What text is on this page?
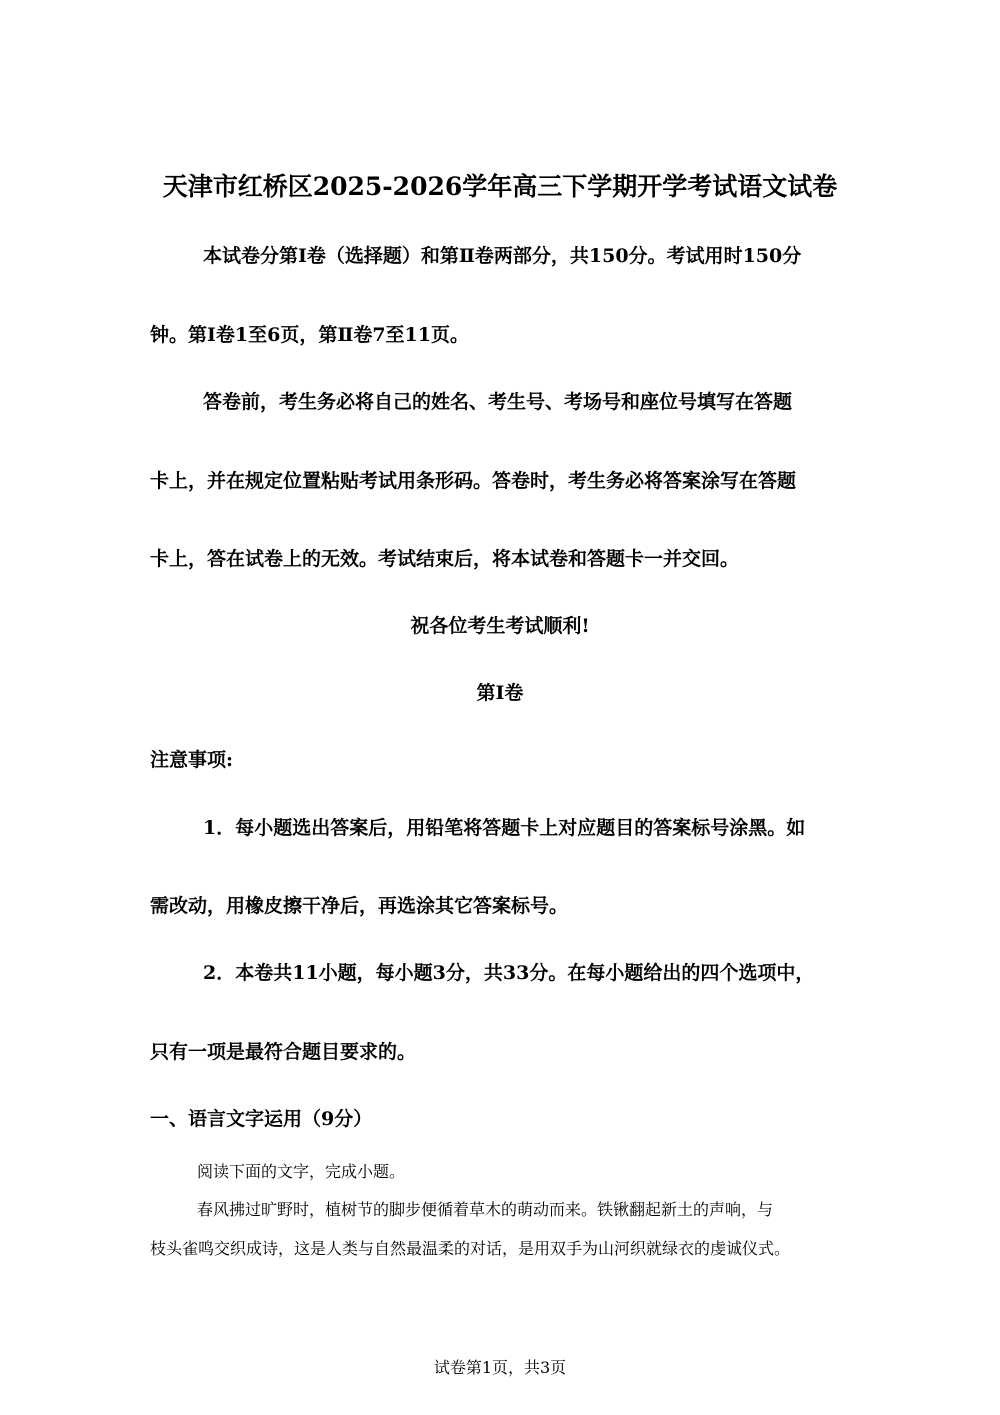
天津市红桥区2025-2026学年高三下学期开学考试语文试卷
本试卷分第Ⅰ卷（选择题）和第Ⅱ卷两部分，共150分。考试用时150分
钟。第Ⅰ卷1至6页，第Ⅱ卷7至11页。
答卷前，考生务必将自己的姓名、考生号、考场号和座位号填写在答题
卡上，并在规定位置粘贴考试用条形码。答卷时，考生务必将答案涂写在答题
卡上，答在试卷上的无效。考试结束后，将本试卷和答题卡一并交回。
祝各位考生考试顺利!
第Ⅰ卷
注意事项:
1．每小题选出答案后，用铅笔将答题卡上对应题目的答案标号涂黑。如
需改动，用橡皮擦干净后，再选涂其它答案标号。
2．本卷共11小题，每小题3分，共33分。在每小题给出的四个选项中，
只有一项是最符合题目要求的。
一、语言文字运用（9分）
阅读下面的文字，完成小题。
春风拂过旷野时，植树节的脚步便循着草木的萌动而来。铁锹翻起新土的声响，与
枝头雀鸣交织成诗，这是人类与自然最温柔的对话，是用双手为山河织就绿衣的虔诚仪式。
试卷第1页，共3页
